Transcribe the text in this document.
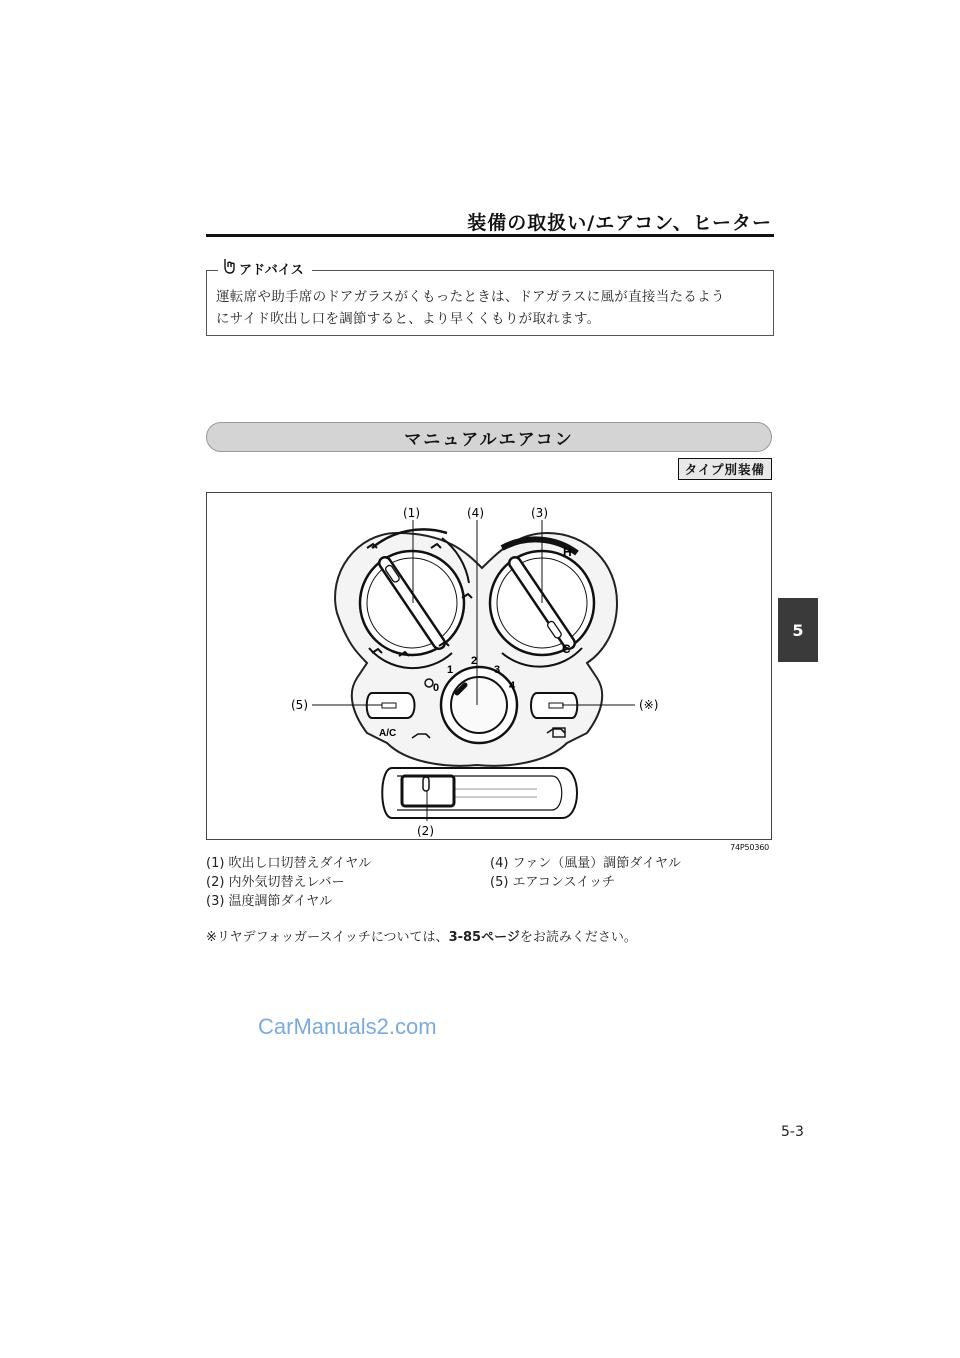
装備の取扱い/エアコン、ヒーター
アドバイス
運転席や助手席のドアガラスがくもったときは、ドアガラスに風が直接当たるよう
にサイド吹出し口を調節すると、より早くくもりが取れます。
マニュアルエアコン
タイプ別装備
0
1
2
3
4
H
C
A/C
(1)	(4)	(3)
(5)	(※)
(2)
74P50360
(1) 吹出し口切替えダイヤル
(2) 内外気切替えレバー
(3) 温度調節ダイヤル
(4) ファン（風量）調節ダイヤル
(5) エアコンスイッチ
※リヤデフォッガースイッチについては、3-85ページをお読みください。
CarManuals2.com
5
5-3
